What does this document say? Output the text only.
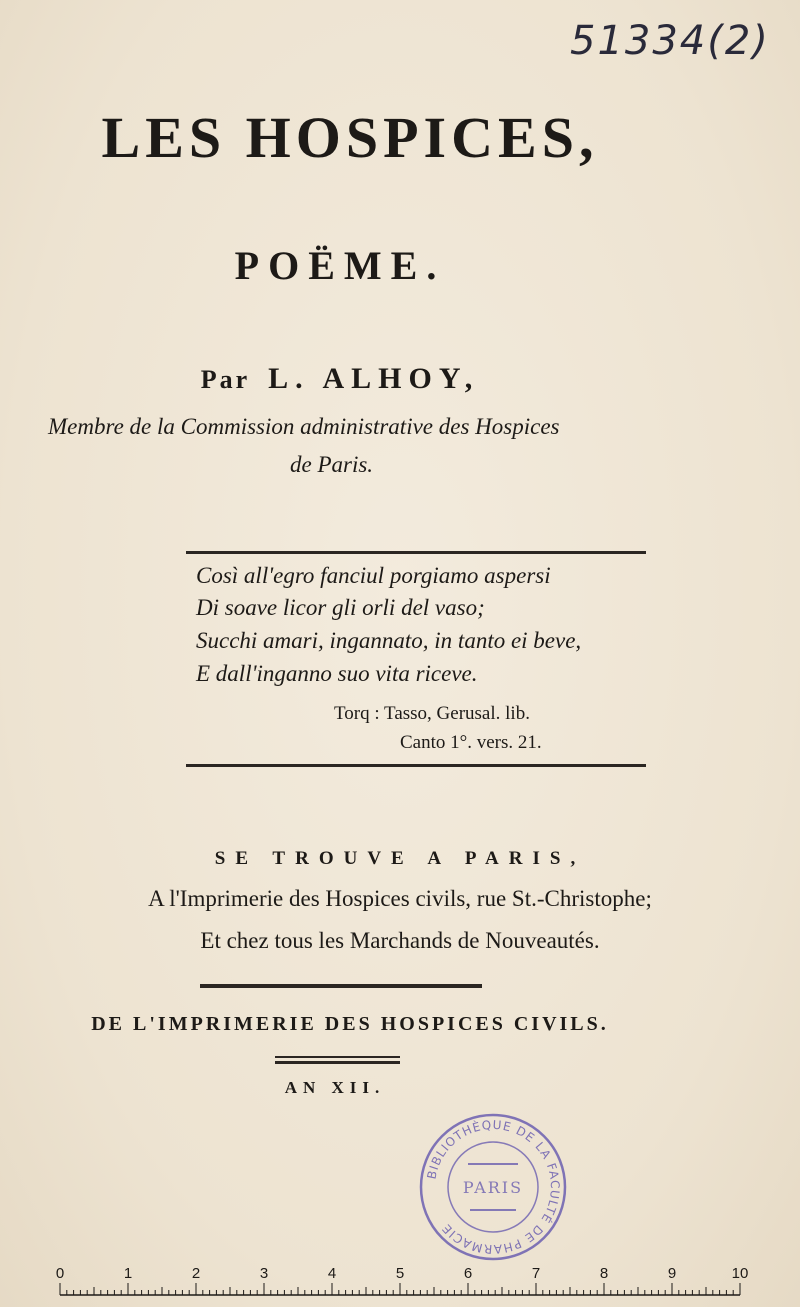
51334(2)
LES HOSPICES,
POËME.
Par L. ALHOY,
Membre de la Commission administrative des Hospices
de Paris.
Così all'egro fanciul porgiamo aspersi
Di soave licor gli orli del vaso;
Succhi amari, ingannato, in tanto ei beve,
E dall'inganno suo vita riceve.
Torq : Tasso, Gerusal. lib.
Canto 1°. vers. 21.
SE TROUVE A PARIS,
A l'Imprimerie des Hospices civils, rue St.-Christophe;
Et chez tous les Marchands de Nouveautés.
DE L'IMPRIMERIE DES HOSPICES CIVILS.
AN XII.
BIBLIOTHÈQUE DE LA FACULTÉ DE PHARMACIE
PARIS
0	1	2	3	4	5	6	7	8	9	10
